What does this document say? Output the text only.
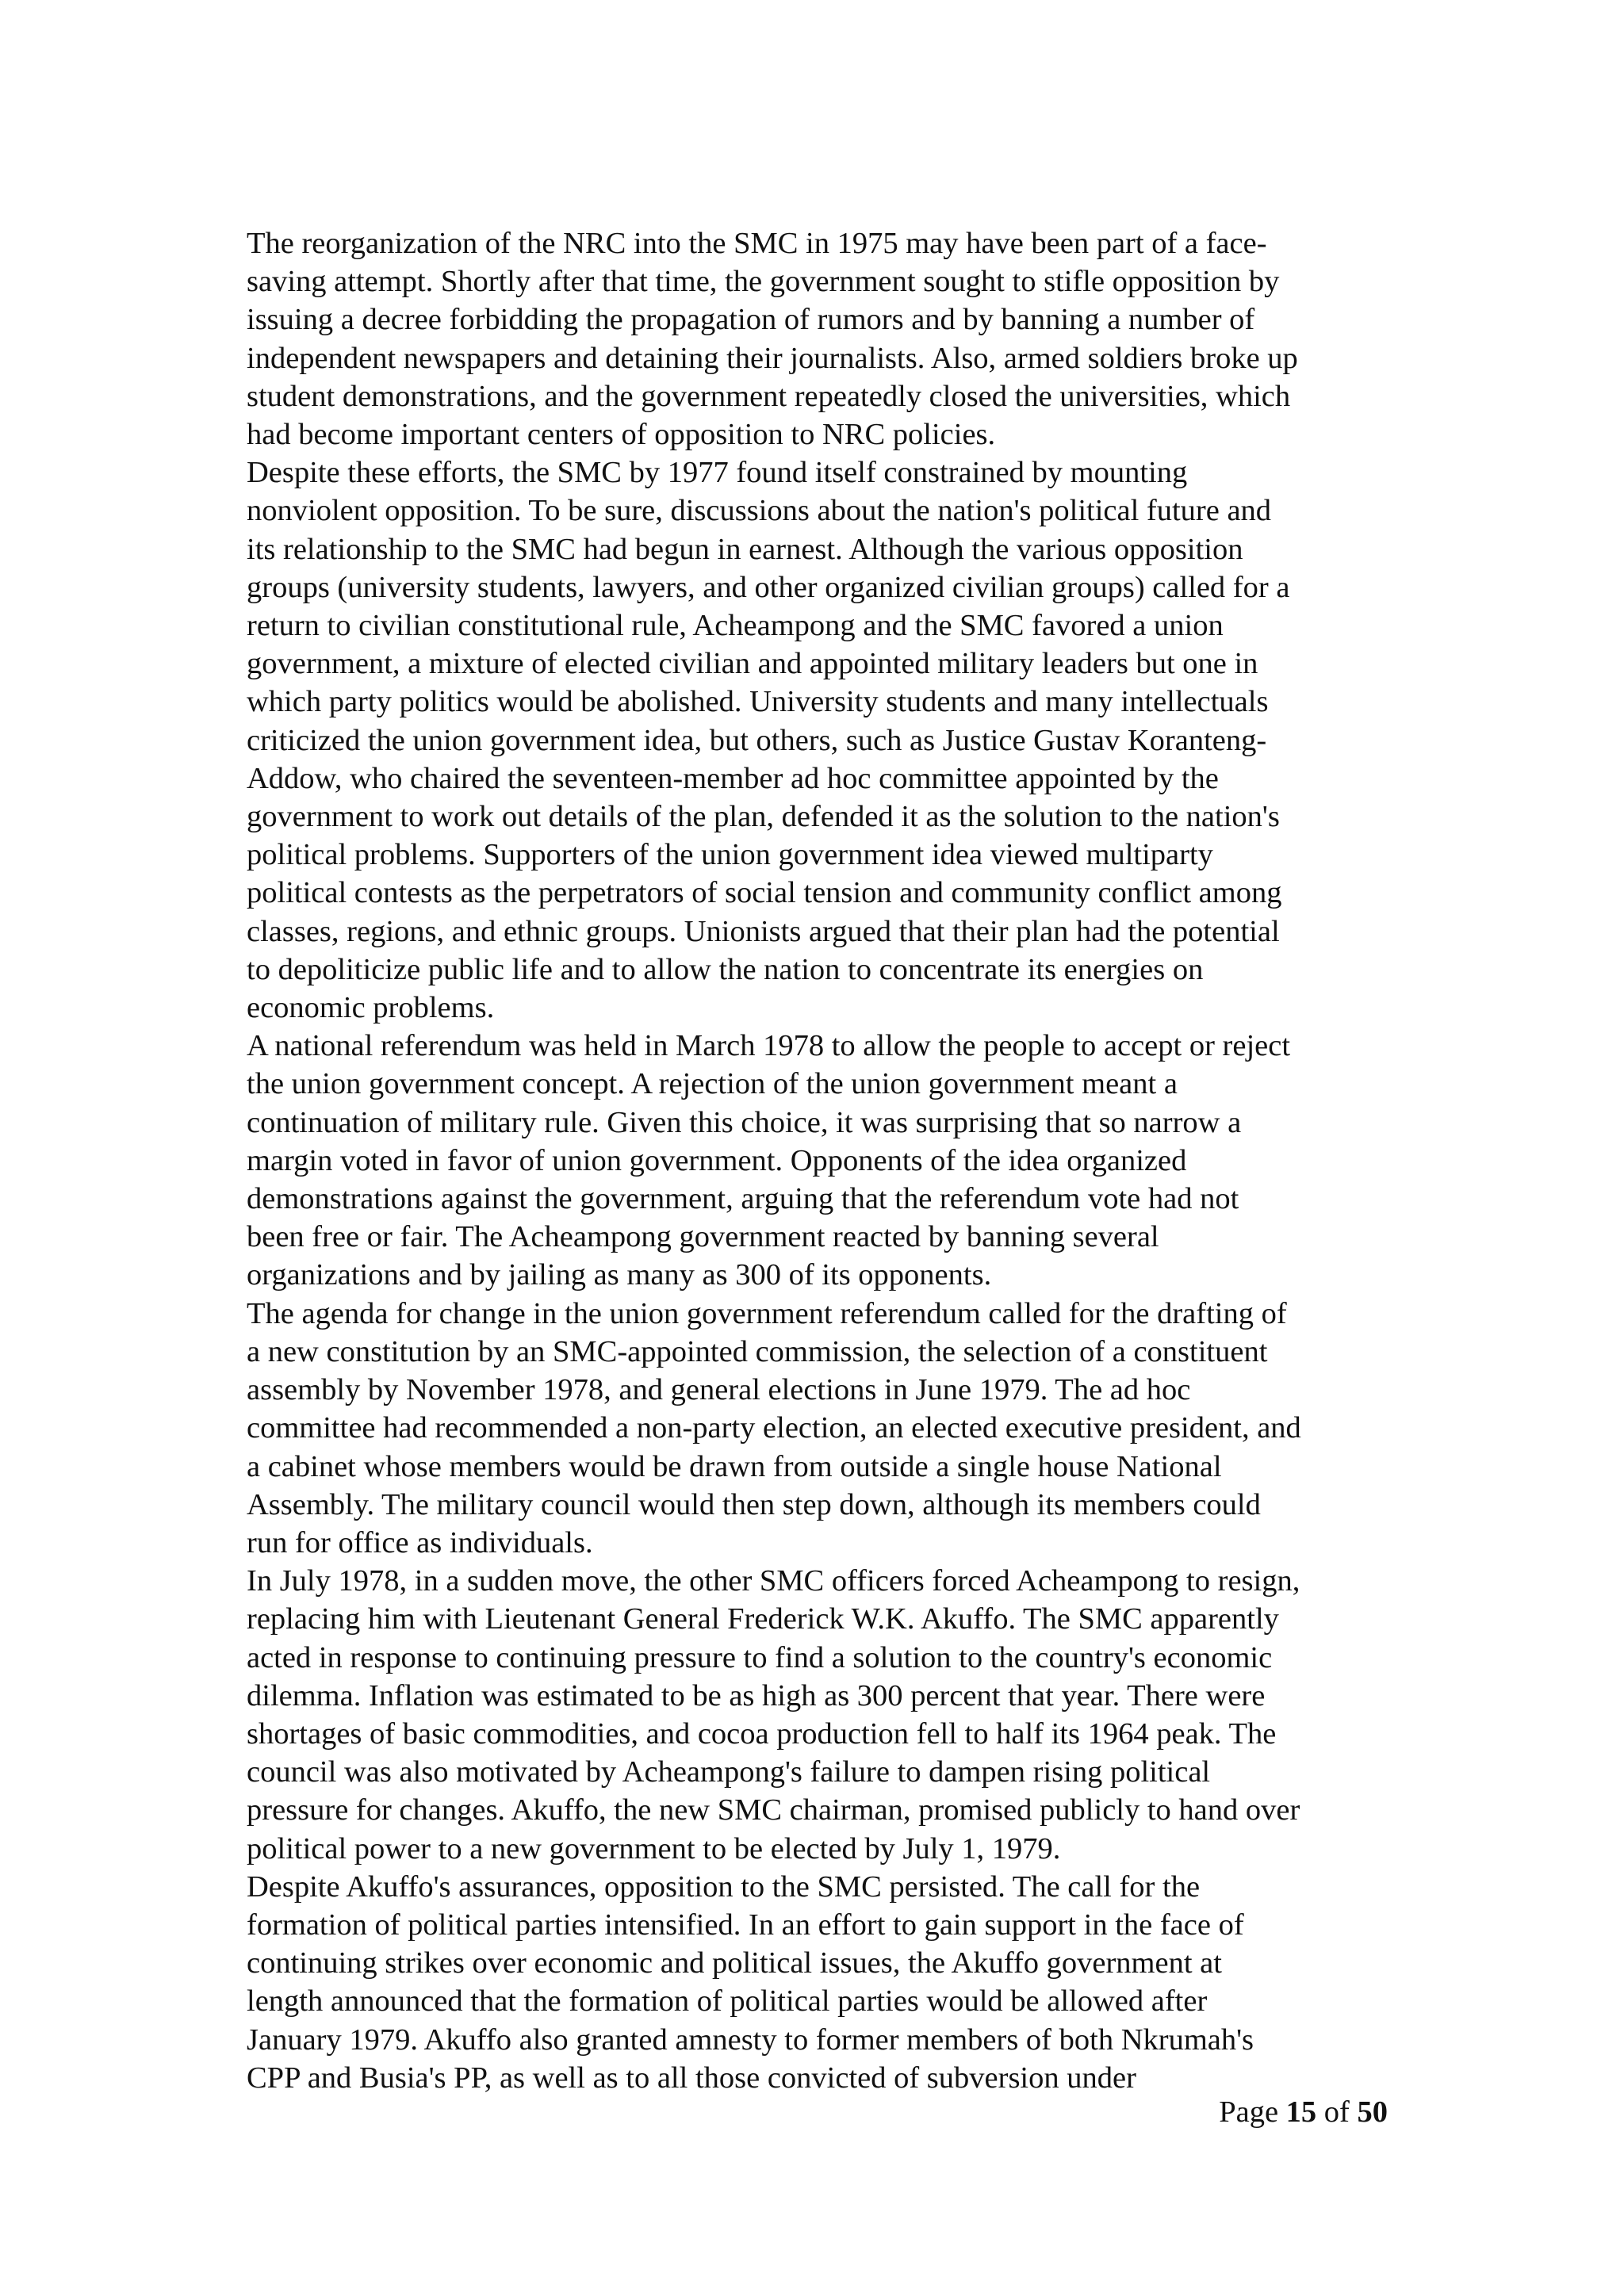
The reorganization of the NRC into the SMC in 1975 may have been part of a face-
saving attempt. Shortly after that time, the government sought to stifle opposition by
issuing a decree forbidding the propagation of rumors and by banning a number of
independent newspapers and detaining their journalists. Also, armed soldiers broke up
student demonstrations, and the government repeatedly closed the universities, which
had become important centers of opposition to NRC policies.
Despite these efforts, the SMC by 1977 found itself constrained by mounting
nonviolent opposition. To be sure, discussions about the nation's political future and
its relationship to the SMC had begun in earnest. Although the various opposition
groups (university students, lawyers, and other organized civilian groups) called for a
return to civilian constitutional rule, Acheampong and the SMC favored a union
government, a mixture of elected civilian and appointed military leaders but one in
which party politics would be abolished. University students and many intellectuals
criticized the union government idea, but others, such as Justice Gustav Koranteng-
Addow, who chaired the seventeen-member ad hoc committee appointed by the
government to work out details of the plan, defended it as the solution to the nation's
political problems. Supporters of the union government idea viewed multiparty
political contests as the perpetrators of social tension and community conflict among
classes, regions, and ethnic groups. Unionists argued that their plan had the potential
to depoliticize public life and to allow the nation to concentrate its energies on
economic problems.
A national referendum was held in March 1978 to allow the people to accept or reject
the union government concept. A rejection of the union government meant a
continuation of military rule. Given this choice, it was surprising that so narrow a
margin voted in favor of union government. Opponents of the idea organized
demonstrations against the government, arguing that the referendum vote had not
been free or fair. The Acheampong government reacted by banning several
organizations and by jailing as many as 300 of its opponents.
The agenda for change in the union government referendum called for the drafting of
a new constitution by an SMC-appointed commission, the selection of a constituent
assembly by November 1978, and general elections in June 1979. The ad hoc
committee had recommended a non-party election, an elected executive president, and
a cabinet whose members would be drawn from outside a single house National
Assembly. The military council would then step down, although its members could
run for office as individuals.
In July 1978, in a sudden move, the other SMC officers forced Acheampong to resign,
replacing him with Lieutenant General Frederick W.K. Akuffo. The SMC apparently
acted in response to continuing pressure to find a solution to the country's economic
dilemma. Inflation was estimated to be as high as 300 percent that year. There were
shortages of basic commodities, and cocoa production fell to half its 1964 peak. The
council was also motivated by Acheampong's failure to dampen rising political
pressure for changes. Akuffo, the new SMC chairman, promised publicly to hand over
political power to a new government to be elected by July 1, 1979.
Despite Akuffo's assurances, opposition to the SMC persisted. The call for the
formation of political parties intensified. In an effort to gain support in the face of
continuing strikes over economic and political issues, the Akuffo government at
length announced that the formation of political parties would be allowed after
January 1979. Akuffo also granted amnesty to former members of both Nkrumah's
CPP and Busia's PP, as well as to all those convicted of subversion under
Page 15 of 50
